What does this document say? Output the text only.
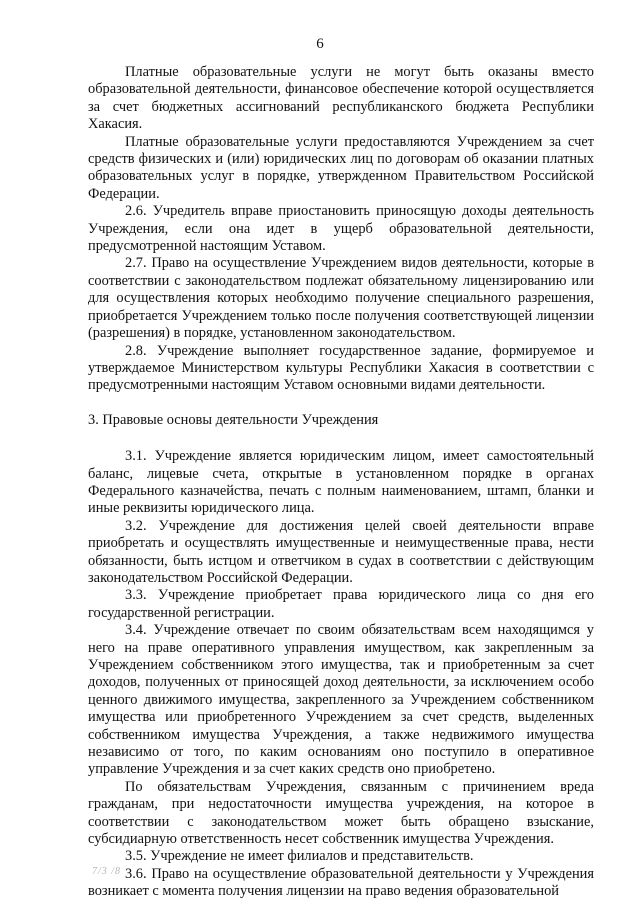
6

Платные образовательные услуги не могут быть оказаны вместо образовательной деятельности, финансовое обеспечение которой осуществляется за счет бюджетных ассигнований республиканского бюджета Республики Хакасия.

Платные образовательные услуги предоставляются Учреждением за счет средств физических и (или) юридических лиц по договорам об оказании платных образовательных услуг в порядке, утвержденном Правительством Российской Федерации.

2.6. Учредитель вправе приостановить приносящую доходы деятельность Учреждения, если она идет в ущерб образовательной деятельности, предусмотренной настоящим Уставом.

2.7. Право на осуществление Учреждением видов деятельности, которые в соответствии с законодательством подлежат обязательному лицензированию или для осуществления которых необходимо получение специального разрешения, приобретается Учреждением только после получения соответствующей лицензии (разрешения) в порядке, установленном законодательством.

2.8. Учреждение выполняет государственное задание, формируемое и утверждаемое Министерством культуры Республики Хакасия в соответствии с предусмотренными настоящим Уставом основными видами деятельности.

3. Правовые основы деятельности Учреждения

3.1. Учреждение является юридическим лицом, имеет самостоятельный баланс, лицевые счета, открытые в установленном порядке в органах Федерального казначейства, печать с полным наименованием, штамп, бланки и иные реквизиты юридического лица.

3.2. Учреждение для достижения целей своей деятельности вправе приобретать и осуществлять имущественные и неимущественные права, нести обязанности, быть истцом и ответчиком в судах в соответствии с действующим законодательством Российской Федерации.

3.3. Учреждение приобретает права юридического лица со дня его государственной регистрации.

3.4. Учреждение отвечает по своим обязательствам всем находящимся у него на праве оперативного управления имуществом, как закрепленным за Учреждением собственником этого имущества, так и приобретенным за счет доходов, полученных от приносящей доход деятельности, за исключением особо ценного движимого имущества, закрепленного за Учреждением собственником имущества или приобретенного Учреждением за счет средств, выделенных собственником имущества Учреждения, а также недвижимого имущества независимо от того, по каким основаниям оно поступило в оперативное управление Учреждения и за счет каких средств оно приобретено.

По обязательствам Учреждения, связанным с причинением вреда гражданам, при недостаточности имущества учреждения, на которое в соответствии с законодательством может быть обращено взыскание, субсидиарную ответственность несет собственник имущества Учреждения.

3.5. Учреждение не имеет филиалов и представительств.

3.6. Право на осуществление образовательной деятельности у Учреждения возникает с момента получения лицензии на право ведения образовательной

7/3 /8
